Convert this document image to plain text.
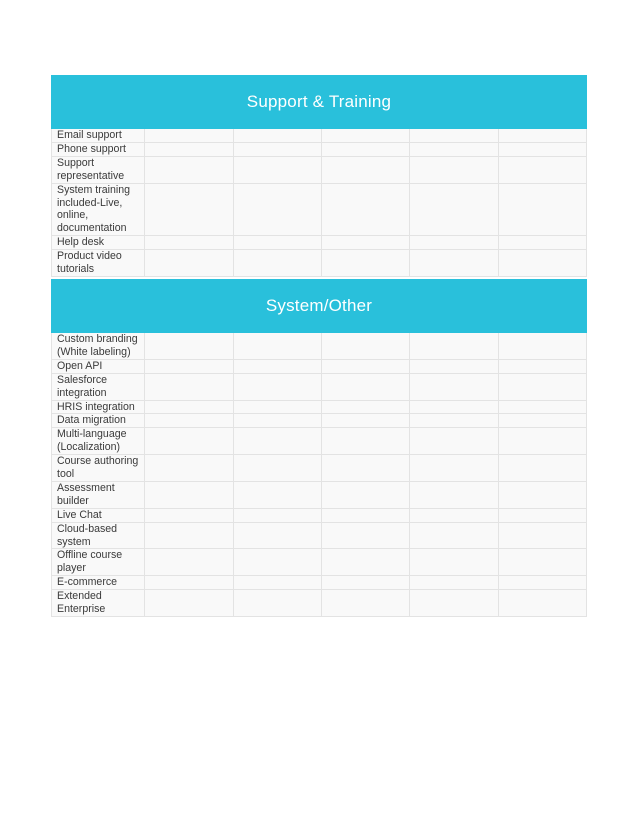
Support & Training					
Email support					
Phone support					
Support representative					
System training included-Live, online, documentation					
Help desk					
Product video tutorials					

System/Other					
Custom branding (White labeling)					
Open API					
Salesforce integration					
HRIS integration					
Data migration					
Multi-language (Localization)					
Course authoring tool					
Assessment builder					
Live Chat					
Cloud-based system					
Offline course player					
E-commerce					
Extended Enterprise					
